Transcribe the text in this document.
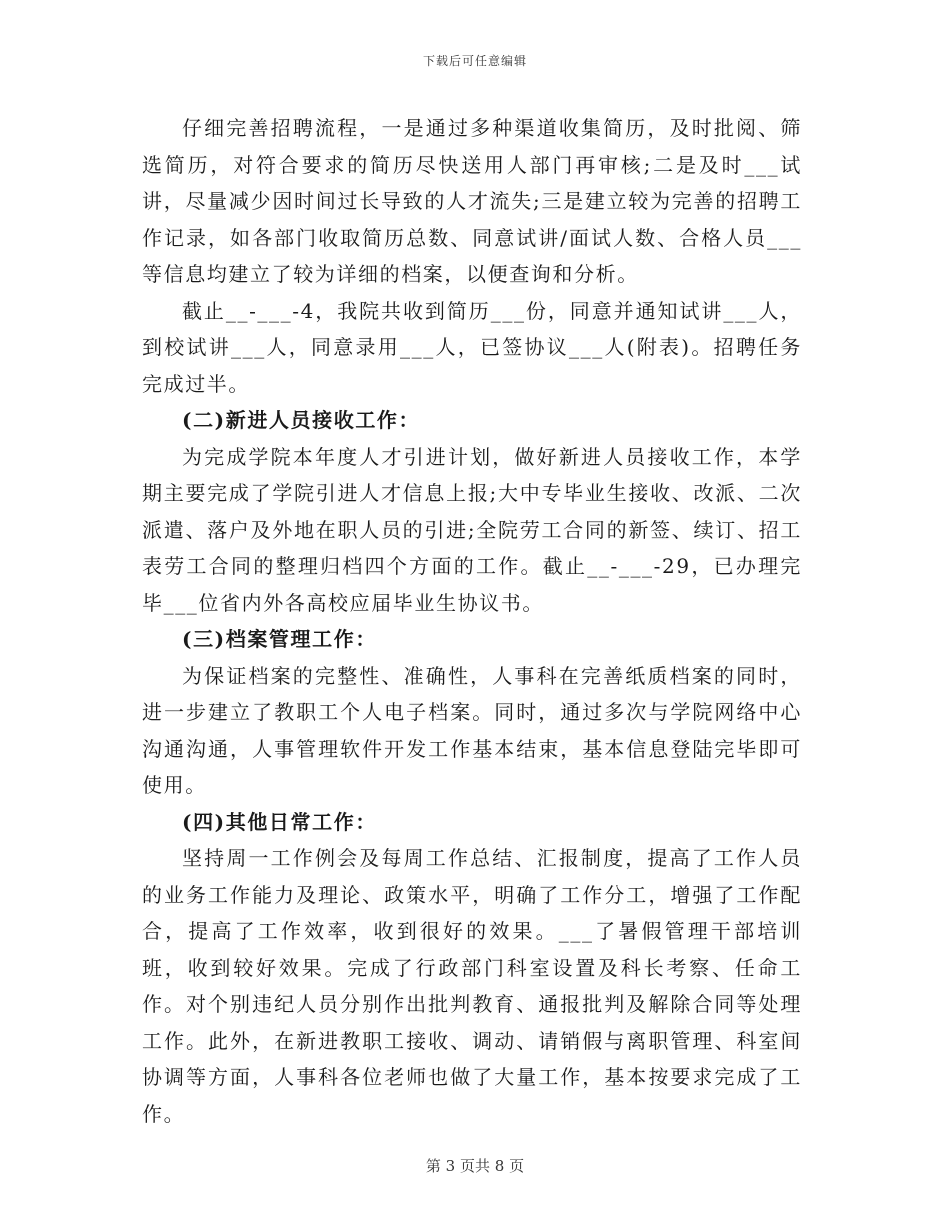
下载后可任意编辑

仔细完善招聘流程，一是通过多种渠道收集简历，及时批阅、筛选简历，对符合要求的简历尽快送用人部门再审核;二是及时___试讲，尽量减少因时间过长导致的人才流失;三是建立较为完善的招聘工作记录，如各部门收取简历总数、同意试讲/面试人数、合格人员___等信息均建立了较为详细的档案，以便查询和分析。

截止__-___-4，我院共收到简历___份，同意并通知试讲___人，到校试讲___人，同意录用___人，已签协议___人(附表)。招聘任务完成过半。

(二)新进人员接收工作：

为完成学院本年度人才引进计划，做好新进人员接收工作，本学期主要完成了学院引进人才信息上报;大中专毕业生接收、改派、二次派遣、落户及外地在职人员的引进;全院劳工合同的新签、续订、招工表劳工合同的整理归档四个方面的工作。截止__-___-29，已办理完毕___位省内外各高校应届毕业生协议书。

(三)档案管理工作：

为保证档案的完整性、准确性，人事科在完善纸质档案的同时，进一步建立了教职工个人电子档案。同时，通过多次与学院网络中心沟通沟通，人事管理软件开发工作基本结束，基本信息登陆完毕即可使用。

(四)其他日常工作：

坚持周一工作例会及每周工作总结、汇报制度，提高了工作人员的业务工作能力及理论、政策水平，明确了工作分工，增强了工作配合，提高了工作效率，收到很好的效果。___了暑假管理干部培训班，收到较好效果。完成了行政部门科室设置及科长考察、任命工作。对个别违纪人员分别作出批判教育、通报批判及解除合同等处理工作。此外，在新进教职工接收、调动、请销假与离职管理、科室间协调等方面，人事科各位老师也做了大量工作，基本按要求完成了工作。

第 3 页共 8 页
